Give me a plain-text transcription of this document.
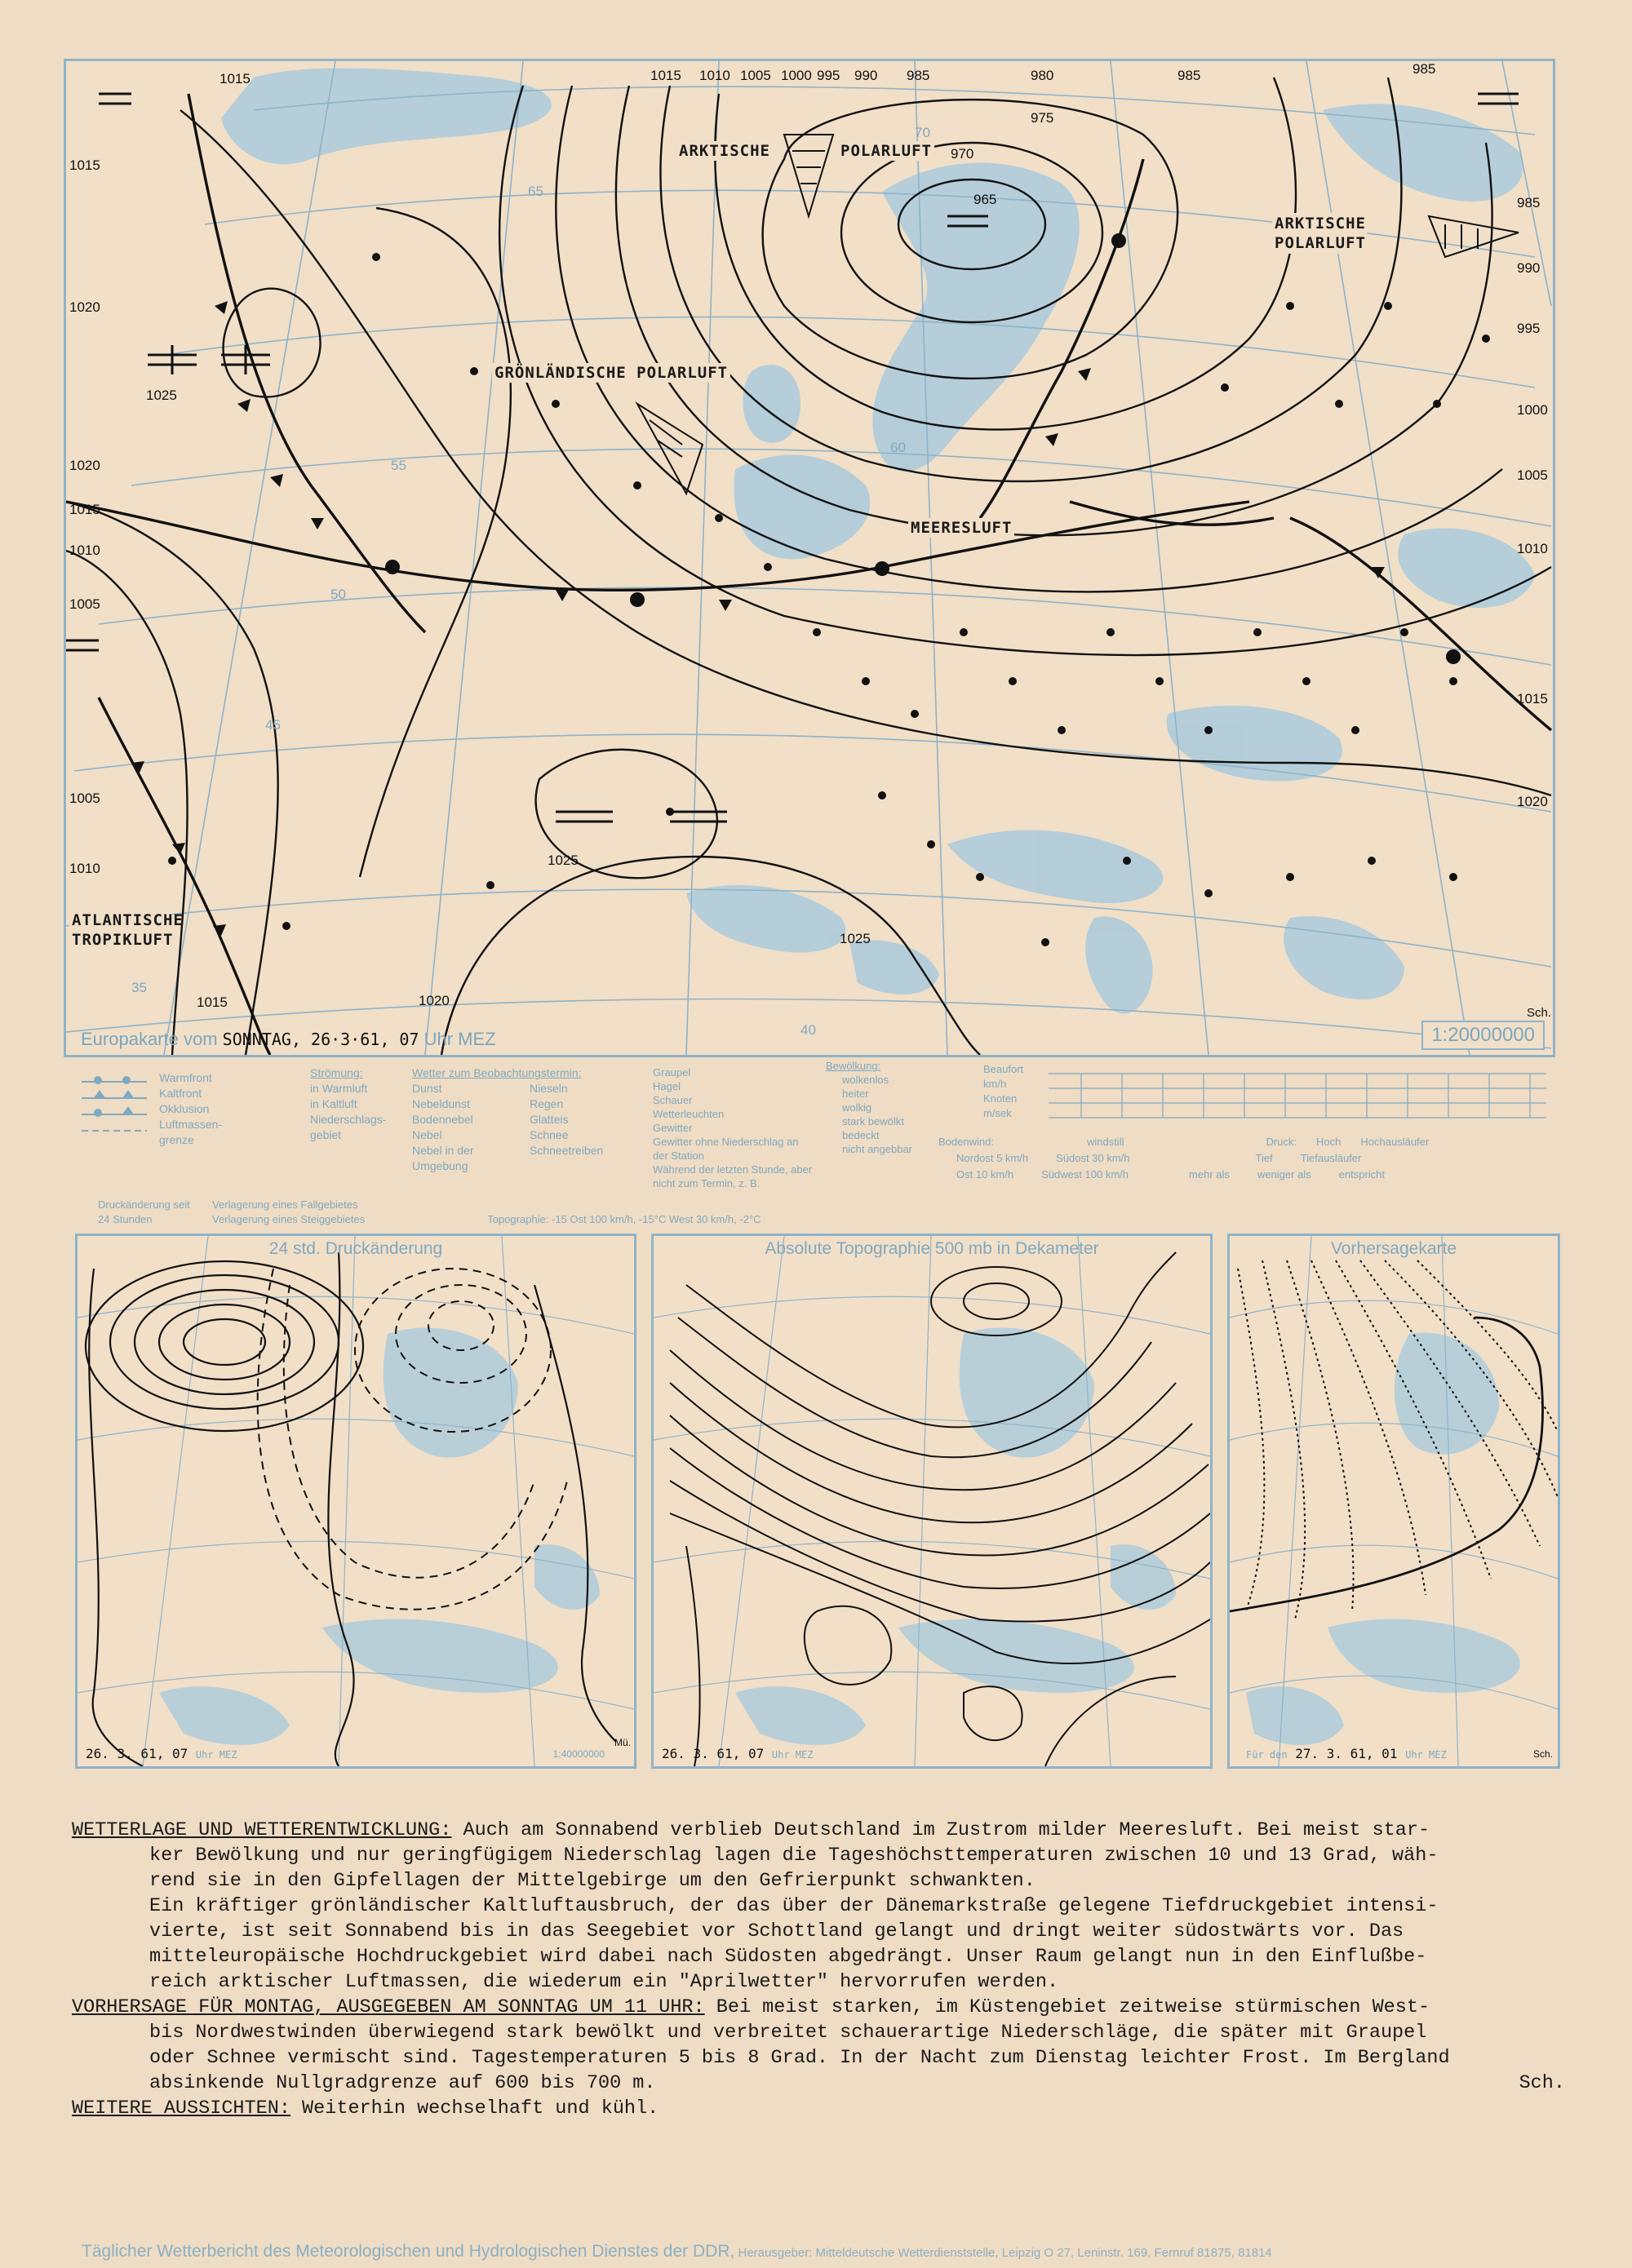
ARKTISCHE	POLARLUFT
ARKTISCHE POLARLUFT
GRÖNLÄNDISCHE POLARLUFT
MEERESLUFT
ATLANTISCHE TROPIKLUFT
1015 1010 1005 1000 995 990 985	980	985	985
1015
1015
1020
1025
1020
1015
1010
1005
1005
1010
985
990
995
1000
1005
1010
1015
1020
975
970
965
1025
1025
1015	1020
70
65
60
55
50
45
40
35
Sch.
Europakarte vom SONNTAG, 26·3·61, 07 Uhr MEZ	1:20000000
Warmfront
Kaltfront
Okklusion
Luftmassen-grenze
Strömung:
in Warmluft
in Kaltluft
Niederschlags-gebiet
Wetter zum Beobachtungstermin:
Dunst
Nebeldunst
Bodennebel
Nebel
Nebel in der Umgebung
Nieseln
Regen
Glatteis
Schnee
Schneetreiben
Graupel
Hagel
Schauer
Wetterleuchten
Gewitter
Gewitter ohne Niederschlag an der Station
Während der letzten Stunde, aber nicht zum Termin, z. B.
Bewölkung:
wolkenlos
heiter
wolkig
stark bewölkt
bedeckt
nicht angebbar
Beaufort
km/h
Knoten
m/sek
Bodenwind:	windstill	Druck: Hoch Hochausläufer
Nordost 5 km/h	Südost 30 km/h	Tief	Tiefausläufer
Ost 10 km/h	Südwest 100 km/h	mehr als	weniger als	entspricht
Druckänderung seit 24 Stunden
Verlagerung eines Fallgebietes
Verlagerung eines Steiggebietes	Topographie: -15 Ost 100 km/h, -15°C West 30 km/h, -2°C
24 std. Druckänderung
26. 3. 61, 07 Uhr MEZ	1:40000000
Mü.
Absolute Topographie 500 mb in Dekameter
26. 3. 61, 07 Uhr MEZ
Vorhersagekarte
Für den 27. 3. 61, 01 Uhr MEZ	Sch.
WETTERLAGE UND WETTERENTWICKLUNG: Auch am Sonnabend verblieb Deutschland im Zustrom milder Meeresluft. Bei meist star-
ker Bewölkung und nur geringfügigem Niederschlag lagen die Tageshöchsttemperaturen zwischen 10 und 13 Grad, wäh-
rend sie in den Gipfellagen der Mittelgebirge um den Gefrierpunkt schwankten.
Ein kräftiger grönländischer Kaltluftausbruch, der das über der Dänemarkstraße gelegene Tiefdruckgebiet intensi-
vierte, ist seit Sonnabend bis in das Seegebiet vor Schottland gelangt und dringt weiter südostwärts vor. Das
mitteleuropäische Hochdruckgebiet wird dabei nach Südosten abgedrängt. Unser Raum gelangt nun in den Einflußbe-
reich arktischer Luftmassen, die wiederum ein "Aprilwetter" hervorrufen werden.
VORHERSAGE FÜR MONTAG, AUSGEGEBEN AM SONNTAG UM 11 UHR: Bei meist starken, im Küstengebiet zeitweise stürmischen West-
bis Nordwestwinden überwiegend stark bewölkt und verbreitet schauerartige Niederschläge, die später mit Graupel
oder Schnee vermischt sind. Tagestemperaturen 5 bis 8 Grad. In der Nacht zum Dienstag leichter Frost. Im Bergland
absinkende Nullgradgrenze auf 600 bis 700 m.	Sch.
WEITERE AUSSICHTEN: Weiterhin wechselhaft und kühl.
Täglicher Wetterbericht des Meteorologischen und Hydrologischen Dienstes der DDR, Herausgeber: Mitteldeutsche Wetterdienststelle, Leipzig O 27, Leninstr. 169, Fernruf 81875, 81814
